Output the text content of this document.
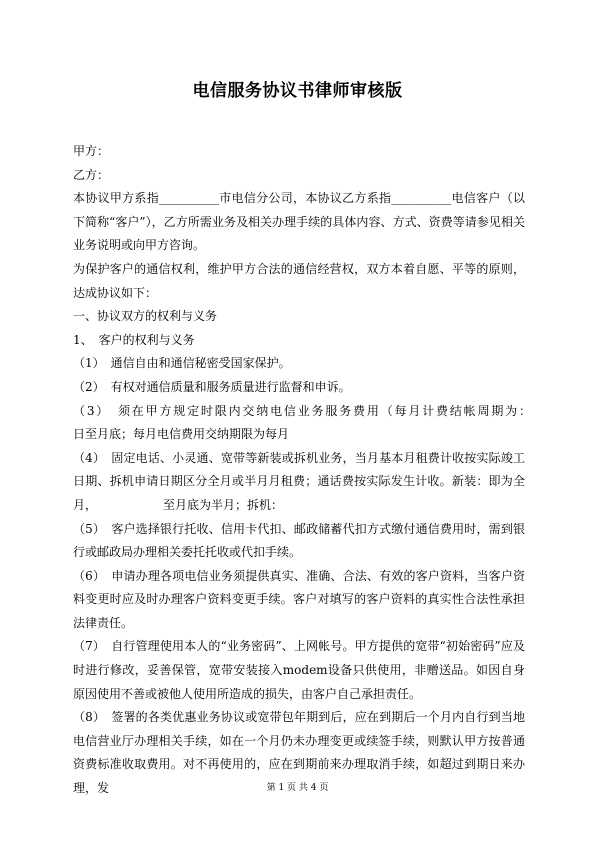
电信服务协议书律师审核版

甲方：

乙方：

本协议甲方系指__________市电信分公司，本协议乙方系指__________电信客户（以下简称“客户”），乙方所需业务及相关办理手续的具体内容、方式、资费等请参见相关业务说明或向甲方咨询。

为保护客户的通信权利，维护甲方合法的通信经营权，双方本着自愿、平等的原则，达成协议如下：

一、协议双方的权利与义务

1、　客户的权利与义务

（1）　通信自由和通信秘密受国家保护。

（2）　有权对通信质量和服务质量进行监督和申诉。

（3）　须在甲方规定时限内交纳电信业务服务费用（每月计费结帐周期为：　　　　　日至月底；每月电信费用交纳期限为每月

（4）　固定电话、小灵通、宽带等新装或拆机业务，当月基本月租费计收按实际竣工日期、拆机申请日期区分全月或半月月租费；通话费按实际发生计收。新装：即为全月，　　　　　　至月底为半月；拆机：

（5）　客户选择银行托收、信用卡代扣、邮政储蓄代扣方式缴付通信费用时，需到银行或邮政局办理相关委托托收或代扣手续。

（6）　申请办理各项电信业务须提供真实、准确、合法、有效的客户资料，当客户资料变更时应及时办理客户资料变更手续。客户对填写的客户资料的真实性合法性承担法律责任。

（7）　自行管理使用本人的“业务密码”、上网帐号。甲方提供的宽带“初始密码”应及时进行修改，妥善保管，宽带安装接入modem设备只供使用，非赠送品。如因自身原因使用不善或被他人使用所造成的损失，由客户自己承担责任。

（8）　签署的各类优惠业务协议或宽带包年期到后，应在到期后一个月内自行到当地电信营业厅办理相关手续，如在一个月仍未办理变更或续签手续，则默认甲方按普通资费标准收取费用。对不再使用的，应在到期前来办理取消手续，如超过到期日来办理，发	第 1 页 共 4 页
